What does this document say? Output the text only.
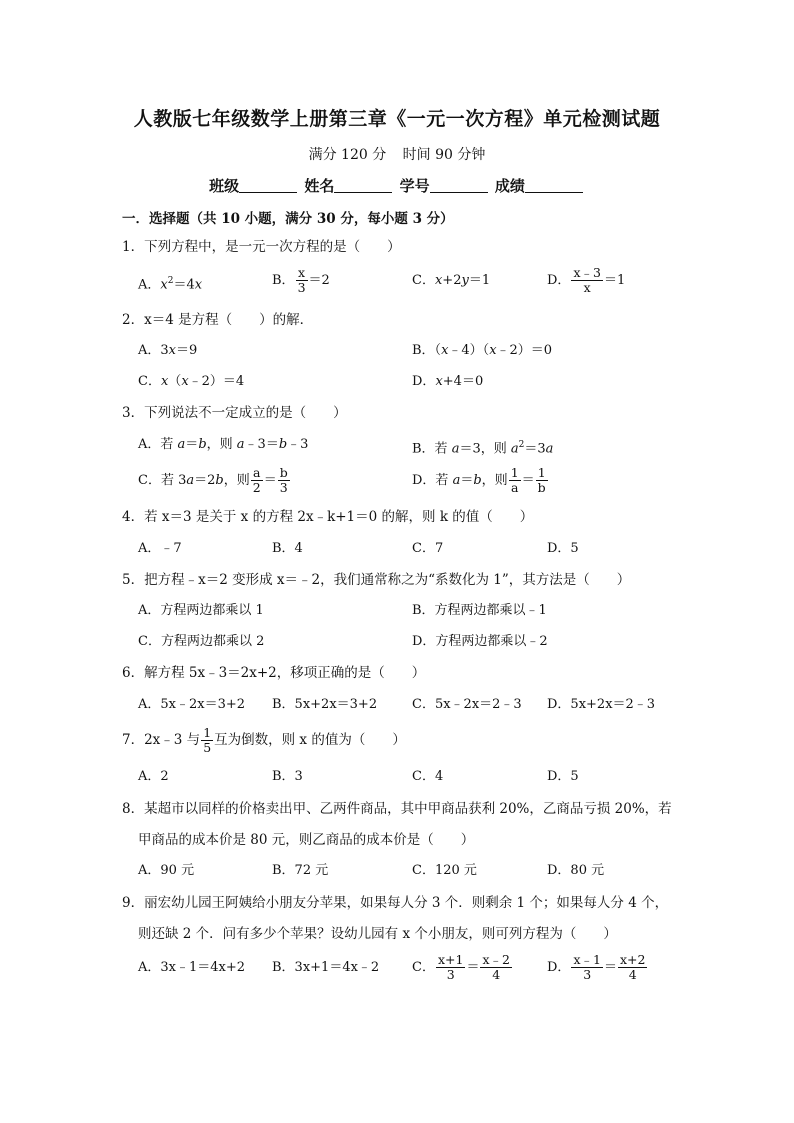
人教版七年级数学上册第三章《一元一次方程》单元检测试题
满分 120 分 时间 90 分钟
班级	姓名	学号	成绩
一．选择题（共 10 小题，满分 30 分，每小题 3 分）
1．下列方程中，是一元一次方程的是（　　）
A．$x^2=4x$	B． $\frac{x}{3} =2$	C．x+2y＝1	D． $\frac{x﹣3}{x} =1$
2．x＝4 是方程（　　）的解．
A．3x＝9	B．（x﹣4）（x﹣2）＝0
C．x（x﹣2）＝4	D．x+4＝0
3．下列说法不一定成立的是（　　）
A．若 a＝b，则 a﹣3＝b﹣3	B．若 a＝3，则 $a^2=3a$
C．若 3a＝2b，则 $\frac{a}{2} = \frac{b}{3}$	D．若 a＝b，则 $\frac{1}{a} = \frac{1}{b}$
4．若 x＝3 是关于 x 的方程 2x﹣k+1＝0 的解，则 k 的值（　　）
A．﹣7	B．4	C．7	D．5
5．把方程﹣x＝2 变形成 x＝﹣2，我们通常称之为“系数化为 1”，其方法是（　　）
A．方程两边都乘以 1	B．方程两边都乘以﹣1
C．方程两边都乘以 2	D．方程两边都乘以﹣2
6．解方程 5x﹣3＝2x+2，移项正确的是（　　）
A．5x﹣2x＝3+2 B．5x+2x＝3+2	C．5x﹣2x＝2﹣3 D．5x+2x＝2﹣3
7．2x﹣3 与 $\frac{1}{5}$ 互为倒数，则 x 的值为（　　）
A．2	B．3	C．4	D．5
8．某超市以同样的价格卖出甲、乙两件商品，其中甲商品获利 20%，乙商品亏损 20%，若
甲商品的成本价是 80 元，则乙商品的成本价是（　　）
A．90 元	B．72 元	C．120 元	D．80 元
9．丽宏幼儿园王阿姨给小朋友分苹果，如果每人分 3 个．则剩余 1 个；如果每人分 4 个，
则还缺 2 个．问有多少个苹果？设幼儿园有 x 个小朋友，则可列方程为（　　）
A．3x﹣1＝4x+2 B．3x+1＝4x﹣2	C． $\frac{x+1}{3} = \frac{x﹣2}{4}$	D． $\frac{x﹣1}{3} = \frac{x+2}{4}$
